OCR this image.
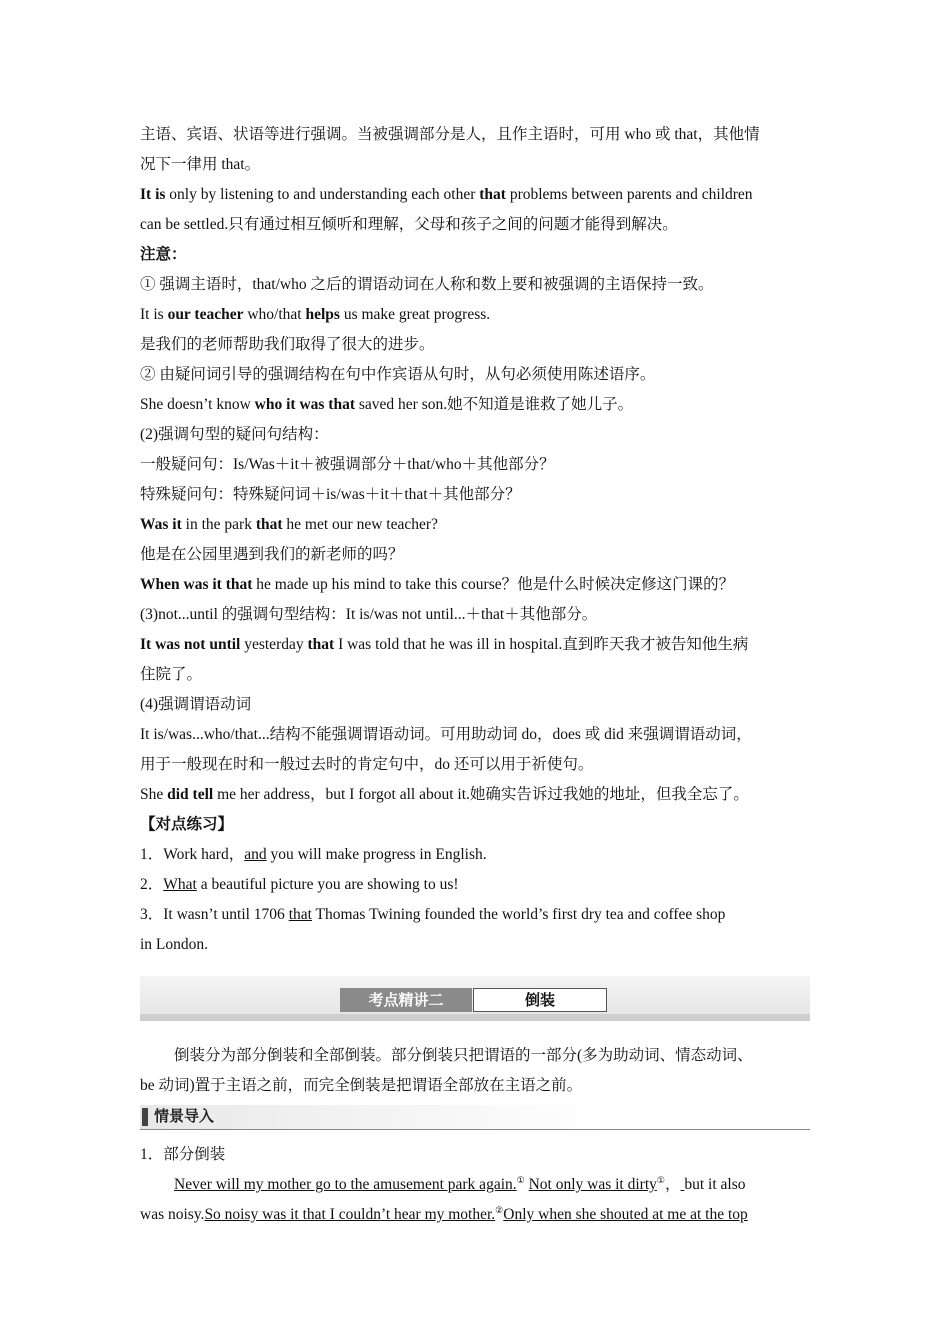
主语、宾语、状语等进行强调。当被强调部分是人，且作主语时，可用 who 或 that，其他情
况下一律用 that。
It is only by listening to and understanding each other that problems between parents and children
can be settled.只有通过相互倾听和理解，父母和孩子之间的问题才能得到解决。
注意：
① 强调主语时，that/who 之后的谓语动词在人称和数上要和被强调的主语保持一致。
It is our teacher who/that helps us make great progress.
是我们的老师帮助我们取得了很大的进步。
② 由疑问词引导的强调结构在句中作宾语从句时，从句必须使用陈述语序。
She doesn’t know who it was that saved her son.她不知道是谁救了她儿子。
(2)强调句型的疑问句结构：
一般疑问句：Is/Was＋it＋被强调部分＋that/who＋其他部分？
特殊疑问句：特殊疑问词＋is/was＋it＋that＋其他部分？
Was it in the park that he met our new teacher?
他是在公园里遇到我们的新老师的吗？
When was it that he made up his mind to take this course？他是什么时候决定修这门课的？
(3)not...until 的强调句型结构：It is/was not until...＋that＋其他部分。
It was not until yesterday that I was told that he was ill in hospital.直到昨天我才被告知他生病
住院了。
(4)强调谓语动词
It is/was...who/that...结构不能强调谓语动词。可用助动词 do，does 或 did 来强调谓语动词，
用于一般现在时和一般过去时的肯定句中，do 还可以用于祈使句。
She did tell me her address，but I forgot all about it.她确实告诉过我她的地址，但我全忘了。
【对点练习】
1．Work hard，and you will make progress in English.
2．What a beautiful picture you are showing to us!
3．It wasn’t until 1706 that Thomas Twining founded the world’s first dry tea and coffee shop
in London.
考点精讲二	倒装
倒装分为部分倒装和全部倒装。部分倒装只把谓语的一部分(多为助动词、情态动词、

be 动词)置于主语之前，而完全倒装是把谓语全部放在主语之前。
情景导入
1．部分倒装
Never will my mother go to the amusement park again.① Not only was it dirty①， but it also
was noisy.So noisy was it that I couldn’t hear my mother.②Only when she shouted at me at the top
